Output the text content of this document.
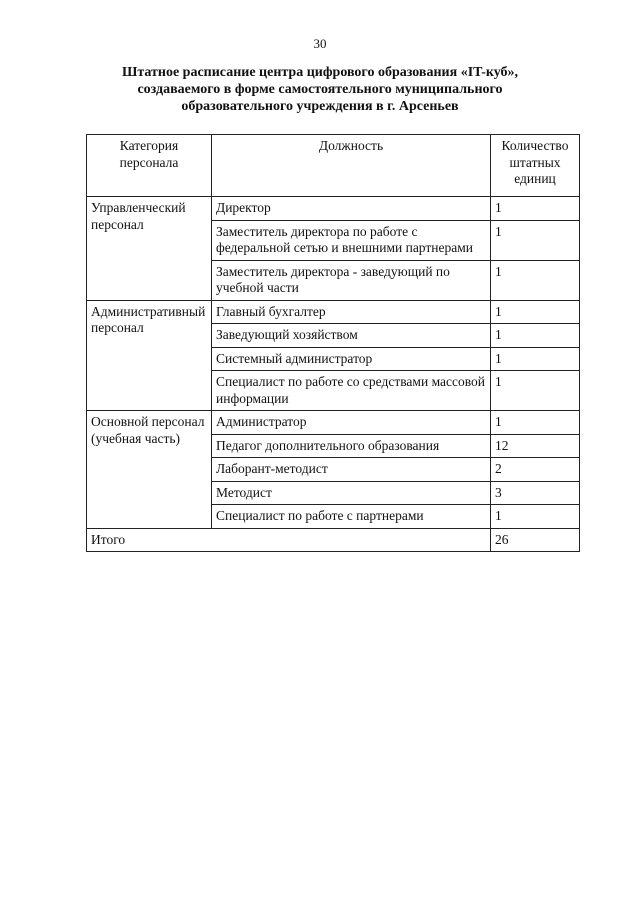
30
Штатное расписание центра цифрового образования «IT-куб»,
создаваемого в форме самостоятельного муниципального
образовательного учреждения в г. Арсеньев
Категория персонала	Должность	Количество штатных единиц
Управленческий персонал	Директор	1
	Заместитель директора по работе с федеральной сетью и внешними партнерами	1
	Заместитель директора - заведующий по учебной части	1
Административный персонал	Главный бухгалтер	1
	Заведующий хозяйством	1
	Системный администратор	1
	Специалист по работе со средствами массовой информации	1
Основной персонал (учебная часть)	Администратор	1
	Педагог дополнительного образования	12
	Лаборант-методист	2
	Методист	3
	Специалист по работе с партнерами	1
Итого		26
